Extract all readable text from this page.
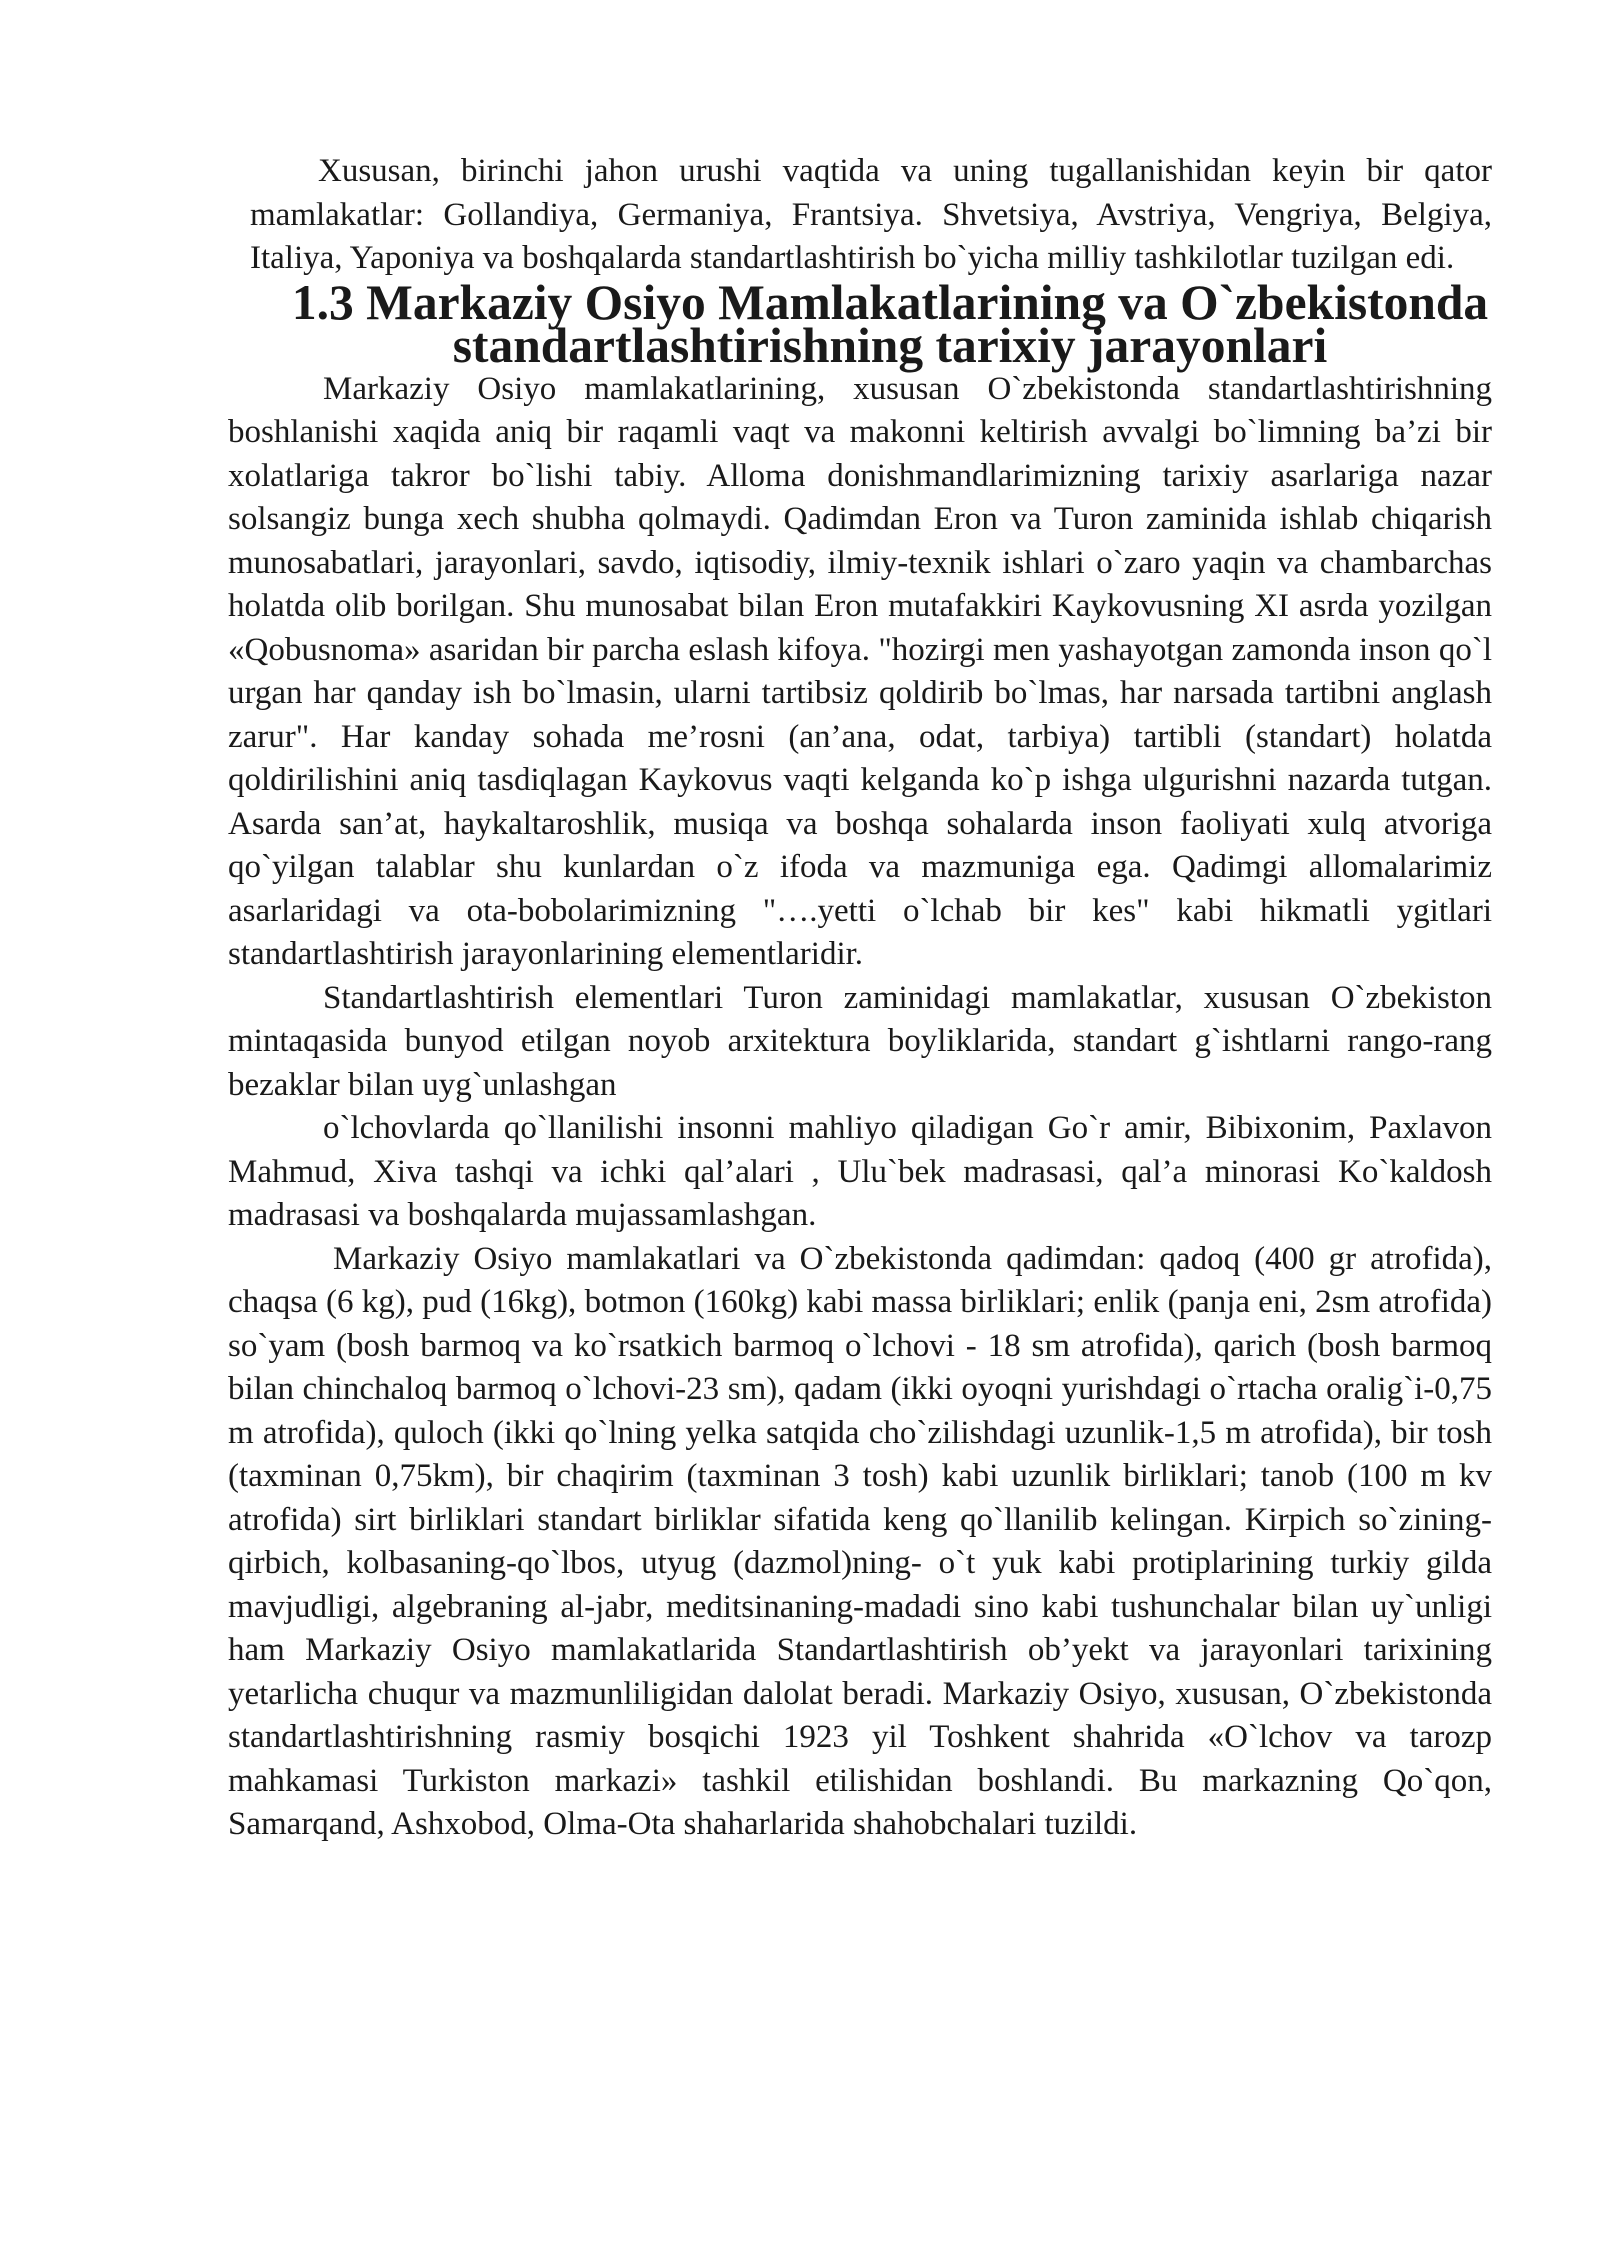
Xususan, birinchi jahon urushi vaqtida va uning tugallanishidan keyin bir qator mamlakatlar: Gollandiya, Germaniya, Frantsiya. Shvetsiya, Avstriya, Vengriya, Belgiya, Italiya, Yaponiya va boshqalarda standartlashtirish bo`yicha milliy tashkilotlar tuzilgan edi.

1.3 Markaziy Osiyo Mamlakatlarining va O`zbekistonda
standartlashtirishning tarixiy jarayonlari

Markaziy Osiyo mamlakatlarining, xususan O`zbekistonda standartlashtirishning boshlanishi xaqida aniq bir raqamli vaqt va makonni keltirish avvalgi bo`limning ba’zi bir xolatlariga takror bo`lishi tabiy. Alloma donishmandlarimizning tarixiy asarlariga nazar solsangiz bunga xech shubha qolmaydi. Qadimdan Eron va Turon zaminida ishlab chiqarish munosabatlari, jarayonlari, savdo, iqtisodiy, ilmiy-texnik ishlari o`zaro yaqin va chambarchas holatda olib borilgan. Shu munosabat bilan Eron mutafakkiri Kaykovusning XI asrda yozilgan «Qobusnoma» asaridan bir parcha eslash kifoya. "hozirgi men yashayotgan zamonda inson qo`l urgan har qanday ish bo`lmasin, ularni tartibsiz qoldirib bo`lmas, har narsada tartibni anglash zarur". Har kanday sohada me’rosni (an’ana, odat, tarbiya) tartibli (standart) holatda qoldirilishini aniq tasdiqlagan Kaykovus vaqti kelganda ko`p ishga ulgurishni nazarda tutgan. Asarda san’at, haykaltaroshlik, musiqa va boshqa sohalarda inson faoliyati xulq atvoriga qo`yilgan talablar shu kunlardan o`z ifoda va mazmuniga ega. Qadimgi allomalarimiz asarlaridagi va ota-bobolarimizning "….yetti o`lchab bir kes" kabi hikmatli ygitlari standartlashtirish jarayonlarining elementlaridir.

Standartlashtirish elementlari Turon zaminidagi mamlakatlar, xususan O`zbekiston mintaqasida bunyod etilgan noyob arxitektura boyliklarida, standart g`ishtlarni rango-rang bezaklar bilan uyg`unlashgan

o`lchovlarda qo`llanilishi insonni mahliyo qiladigan Go`r amir, Bibixonim, Paxlavon Mahmud, Xiva tashqi va ichki qal’alari , Ulu`bek madrasasi, qal’a minorasi Ko`kaldosh madrasasi va boshqalarda mujassamlashgan.

Markaziy Osiyo mamlakatlari va O`zbekistonda qadimdan: qadoq (400 gr atrofida), chaqsa (6 kg), pud (16kg), botmon (160kg) kabi massa birliklari; enlik (panja eni, 2sm atrofida) so`yam (bosh barmoq va ko`rsatkich barmoq o`lchovi - 18 sm atrofida), qarich (bosh barmoq bilan chinchaloq barmoq o`lchovi-23 sm), qadam (ikki oyoqni yurishdagi o`rtacha oralig`i-0,75 m atrofida), quloch (ikki qo`lning yelka satqida cho`zilishdagi uzunlik-1,5 m atrofida), bir tosh (taxminan 0,75km), bir chaqirim (taxminan 3 tosh) kabi uzunlik birliklari; tanob (100 m kv atrofida) sirt birliklari standart birliklar sifatida keng qo`llanilib kelingan. Kirpich so`zining-qirbich, kolbasaning-qo`lbos, utyug (dazmol)ning- o`t yuk kabi protiplarining turkiy gilda mavjudligi, algebraning al-jabr, meditsinaning-madadi sino kabi tushunchalar bilan uy`unligi ham Markaziy Osiyo mamlakatlarida Standartlashtirish ob’yekt va jarayonlari tarixining yetarlicha chuqur va mazmunliligidan dalolat beradi. Markaziy Osiyo, xususan, O`zbekistonda standartlashtirishning rasmiy bosqichi 1923 yil Toshkent shahrida «O`lchov va tarozp mahkamasi Turkiston markazi» tashkil etilishidan boshlandi. Bu markazning Qo`qon, Samarqand, Ashxobod, Olma-Ota shaharlarida shahobchalari tuzildi.
